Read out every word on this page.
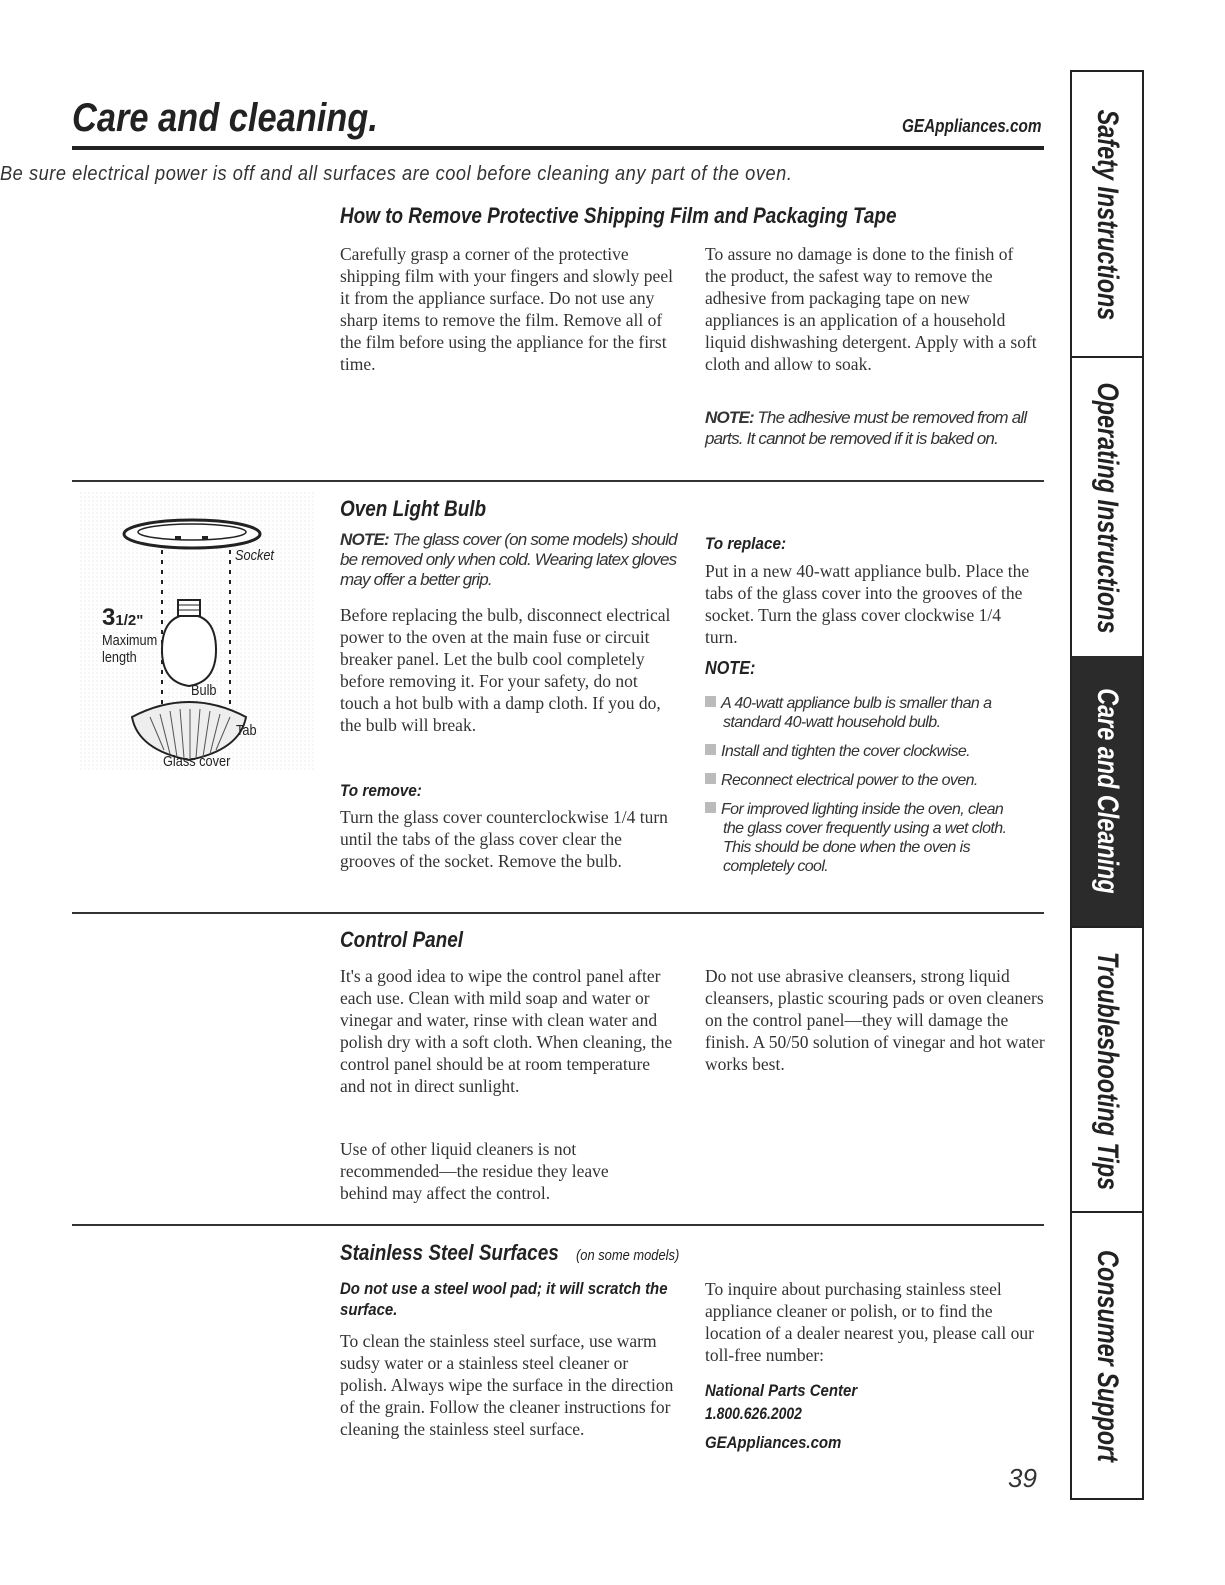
Care and cleaning.	GEAppliances.com
Be sure electrical power is off and all surfaces are cool before cleaning any part of the oven.	Safety Instructions
Operating Instructions
Care and Cleaning
Troubleshooting Tips
Consumer Support
How to Remove Protective Shipping Film and Packaging Tape
Carefully grasp a corner of the protective shipping film with your fingers and slowly peel it from the appliance surface. Do not use any sharp items to remove the film. Remove all of the film before using the appliance for the first time.
To assure no damage is done to the finish of the product, the safest way to remove the adhesive from packaging tape on new appliances is an application of a household liquid dishwashing detergent. Apply with a soft cloth and allow to soak.
NOTE: The adhesive must be removed from all parts. It cannot be removed if it is baked on.
Socket
31/2"
Maximum
length
Bulb
Tab
Glass cover
Oven Light Bulb
NOTE: The glass cover (on some models) should be removed only when cold. Wearing latex gloves may offer a better grip.
Before replacing the bulb, disconnect electrical power to the oven at the main fuse or circuit breaker panel. Let the bulb cool completely before removing it. For your safety, do not touch a hot bulb with a damp cloth. If you do, the bulb will break.
To remove:
Turn the glass cover counterclockwise 1/4 turn until the tabs of the glass cover clear the grooves of the socket. Remove the bulb.
To replace:
Put in a new 40-watt appliance bulb. Place the tabs of the glass cover into the grooves of the socket. Turn the glass cover clockwise 1/4 turn.
NOTE:
A 40-watt appliance bulb is smaller than a standard 40-watt household bulb.
Install and tighten the cover clockwise.
Reconnect electrical power to the oven.
For improved lighting inside the oven, clean the glass cover frequently using a wet cloth. This should be done when the oven is completely cool.
Control Panel
It's a good idea to wipe the control panel after each use. Clean with mild soap and water or vinegar and water, rinse with clean water and polish dry with a soft cloth. When cleaning, the control panel should be at room temperature and not in direct sunlight.
Use of other liquid cleaners is not recommended—the residue they leave behind may affect the control.
Do not use abrasive cleansers, strong liquid cleansers, plastic scouring pads or oven cleaners on the control panel—they will damage the finish. A 50/50 solution of vinegar and hot water works best.
Stainless Steel Surfaces (on some models)
Do not use a steel wool pad; it will scratch the surface.
To clean the stainless steel surface, use warm sudsy water or a stainless steel cleaner or polish. Always wipe the surface in the direction of the grain. Follow the cleaner instructions for cleaning the stainless steel surface.
To inquire about purchasing stainless steel appliance cleaner or polish, or to find the location of a dealer nearest you, please call our toll-free number:
National Parts Center
1.800.626.2002
GEAppliances.com
39
